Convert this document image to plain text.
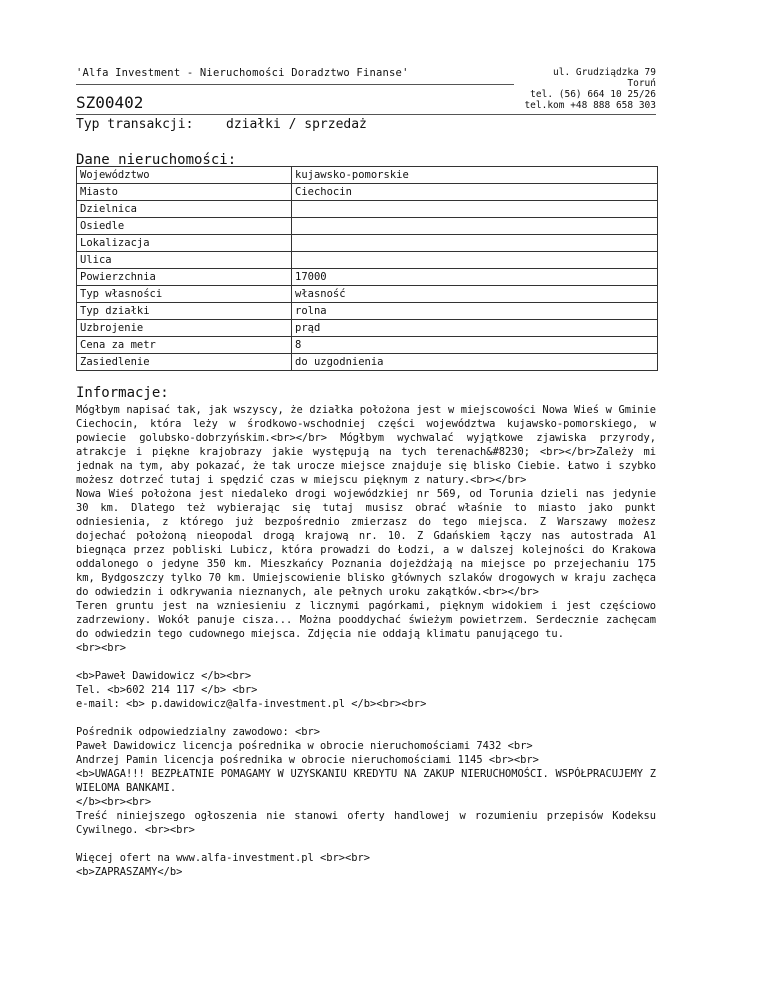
'Alfa Investment - Nieruchomości Doradztwo Finanse'	ul. Grudziądzka 79
Toruń
tel. (56) 664 10 25/26
tel.kom +48 888 658 303
SZ00402
Typ transakcji:	działki / sprzedaż
Dane nieruchomości:
Województwo	kujawsko-pomorskie
Miasto	Ciechocin
Dzielnica	
Osiedle	
Lokalizacja	
Ulica	
Powierzchnia	17000
Typ własności	własność
Typ działki	rolna
Uzbrojenie	prąd
Cena za metr	8
Zasiedlenie	do uzgodnienia
Informacje:

Mógłbym napisać tak, jak wszyscy, że działka położona jest w miejscowości Nowa Wieś w Gminie Ciechocin, która leży w środkowo-wschodniej części województwa kujawsko-pomorskiego, w powiecie golubsko-dobrzyńskim.<br></br> Mógłbym wychwalać wyjątkowe zjawiska przyrody, atrakcje i piękne krajobrazy jakie występują na tych terenach&#8230; <br></br>Zależy mi jednak na tym, aby pokazać, że tak urocze miejsce znajduje się blisko Ciebie. Łatwo i szybko możesz dotrzeć tutaj i spędzić czas w miejscu pięknym z natury.<br></br>

Nowa Wieś położona jest niedaleko drogi wojewódzkiej nr 569, od Torunia dzieli nas jedynie 30 km. Dlatego też wybierając się tutaj musisz obrać właśnie to miasto jako punkt odniesienia, z którego już bezpośrednio zmierzasz do tego miejsca. Z Warszawy możesz dojechać położoną nieopodal drogą krajową nr. 10. Z Gdańskiem łączy nas autostrada A1 biegnąca przez pobliski Lubicz, która prowadzi do Łodzi, a w dalszej kolejności do Krakowa oddalonego o jedyne 350 km. Mieszkańcy Poznania dojeżdżają na miejsce po przejechaniu 175 km, Bydgoszczy tylko 70 km. Umiejscowienie blisko głównych szlaków drogowych w kraju zachęca do odwiedzin i odkrywania nieznanych, ale pełnych uroku zakątków.<br></br>

Teren gruntu jest na wzniesieniu z licznymi pagórkami, pięknym widokiem i jest częściowo zadrzewiony. Wokół panuje cisza... Można pooddychać świeżym powietrzem. Serdecznie zachęcam do odwiedzin tego cudownego miejsca. Zdjęcia nie oddają klimatu panującego tu.

<br><br>

<b>Paweł Dawidowicz </b><br>

Tel. <b>602 214 117 </b> <br>

e-mail: <b> p.dawidowicz@alfa-investment.pl </b><br><br>

Pośrednik odpowiedzialny zawodowo: <br>

Paweł Dawidowicz licencja pośrednika w obrocie nieruchomościami 7432 <br>

Andrzej Pamin licencja pośrednika w obrocie nieruchomościami 1145 <br><br>

<b>UWAGA!!! BEZPŁATNIE POMAGAMY W UZYSKANIU KREDYTU NA ZAKUP NIERUCHOMOŚCI. WSPÓŁPRACUJEMY Z WIELOMA BANKAMI.

</b><br><br>

Treść niniejszego ogłoszenia nie stanowi oferty handlowej w rozumieniu przepisów Kodeksu Cywilnego. <br><br>

Więcej ofert na www.alfa-investment.pl <br><br>

<b>ZAPRASZAMY</b>
